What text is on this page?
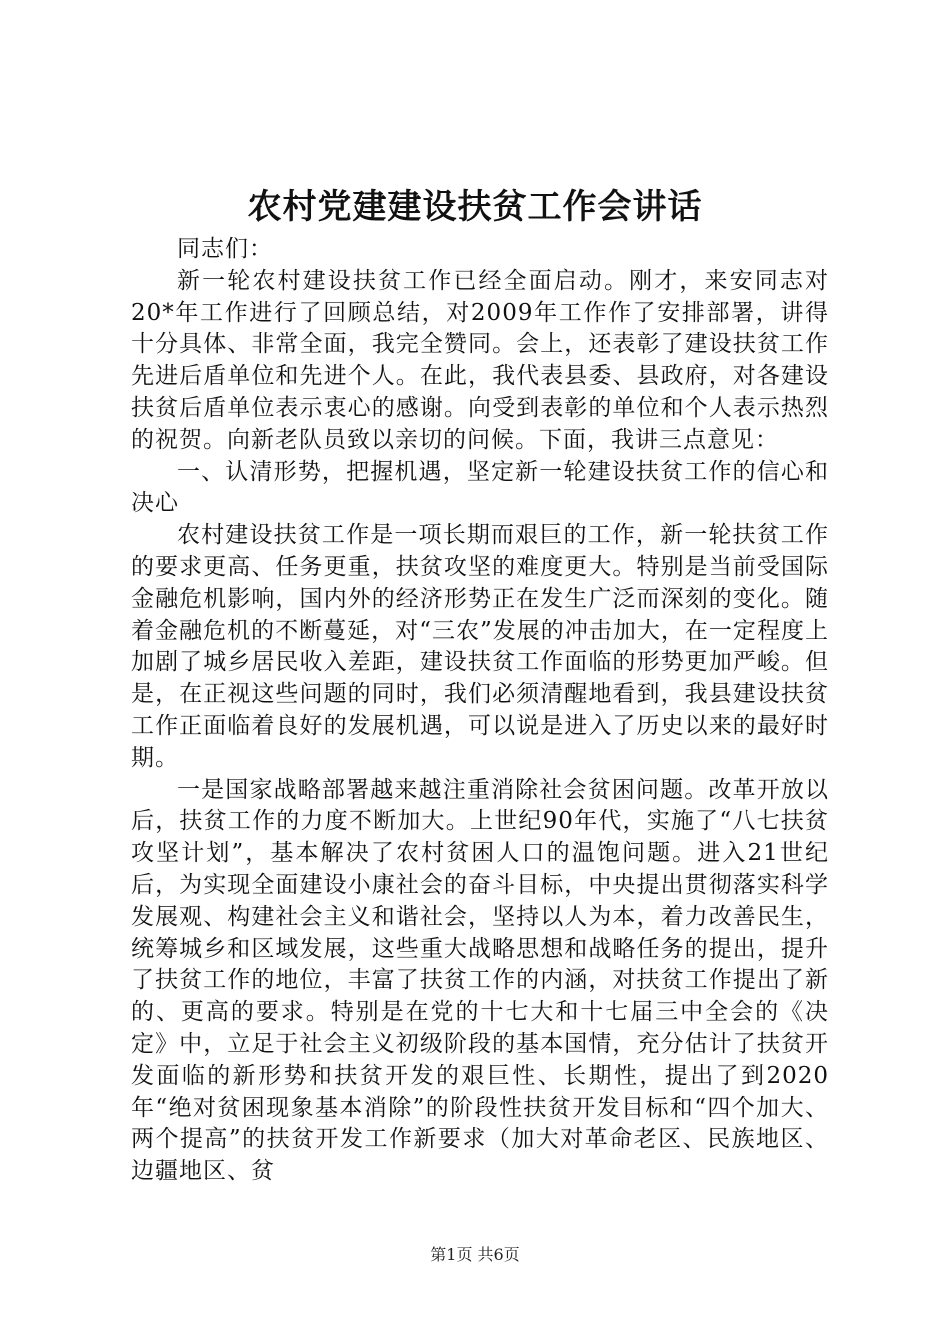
农村党建建设扶贫工作会讲话

同志们：

新一轮农村建设扶贫工作已经全面启动。刚才，来安同志对20*年工作进行了回顾总结，对2009年工作作了安排部署，讲得十分具体、非常全面，我完全赞同。会上，还表彰了建设扶贫工作先进后盾单位和先进个人。在此，我代表县委、县政府，对各建设扶贫后盾单位表示衷心的感谢。向受到表彰的单位和个人表示热烈的祝贺。向新老队员致以亲切的问候。下面，我讲三点意见：

一、认清形势，把握机遇，坚定新一轮建设扶贫工作的信心和决心

农村建设扶贫工作是一项长期而艰巨的工作，新一轮扶贫工作的要求更高、任务更重，扶贫攻坚的难度更大。特别是当前受国际金融危机影响，国内外的经济形势正在发生广泛而深刻的变化。随着金融危机的不断蔓延，对“三农”发展的冲击加大，在一定程度上加剧了城乡居民收入差距，建设扶贫工作面临的形势更加严峻。但是，在正视这些问题的同时，我们必须清醒地看到，我县建设扶贫工作正面临着良好的发展机遇，可以说是进入了历史以来的最好时期。

一是国家战略部署越来越注重消除社会贫困问题。改革开放以后，扶贫工作的力度不断加大。上世纪90年代，实施了“八七扶贫攻坚计划”，基本解决了农村贫困人口的温饱问题。进入21世纪后，为实现全面建设小康社会的奋斗目标，中央提出贯彻落实科学发展观、构建社会主义和谐社会，坚持以人为本，着力改善民生，统筹城乡和区域发展，这些重大战略思想和战略任务的提出，提升了扶贫工作的地位，丰富了扶贫工作的内涵，对扶贫工作提出了新的、更高的要求。特别是在党的十七大和十七届三中全会的《决定》中，立足于社会主义初级阶段的基本国情，充分估计了扶贫开发面临的新形势和扶贫开发的艰巨性、长期性，提出了到2020年“绝对贫困现象基本消除”的阶段性扶贫开发目标和“四个加大、两个提高”的扶贫开发工作新要求（加大对革命老区、民族地区、边疆地区、贫

第1页 共6页
